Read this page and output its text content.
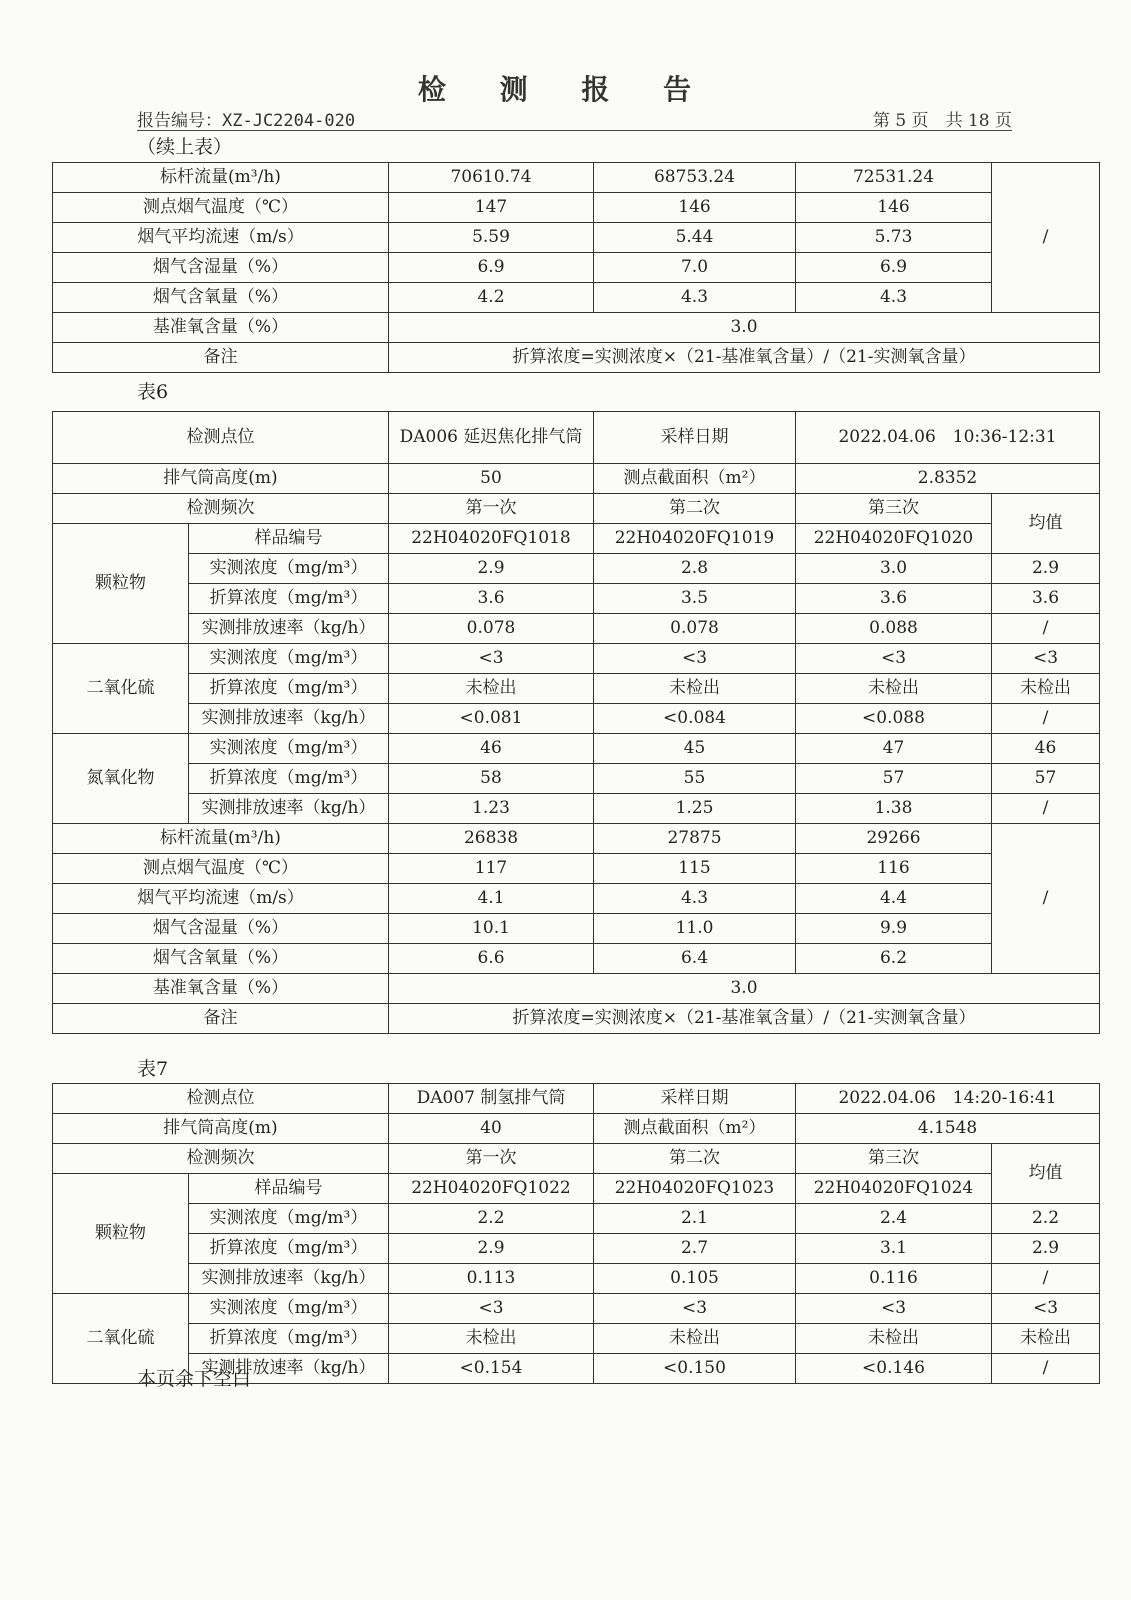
检 测 报 告
报告编号：XZ-JC2204-020	第 5 页　共 18 页
（续上表）
标杆流量(m³/h)	70610.74	68753.24	72531.24	/
测点烟气温度（℃）	147	146	146	
烟气平均流速（m/s）	5.59	5.44	5.73	
烟气含湿量（%）	6.9	7.0	6.9	
烟气含氧量（%）	4.2	4.3	4.3	
基准氧含量（%）	3.0			
备注	折算浓度=实测浓度×（21-基准氧含量）/（21-实测氧含量）			
表6
检测点位		DA006 延迟焦化排气筒	采样日期	2022.04.06　10:36-12:31	
排气筒高度(m)		50	测点截面积（m²）	2.8352	
检测频次		第一次	第二次	第三次	均值
颗粒物	样品编号	22H04020FQ1018	22H04020FQ1019	22H04020FQ1020	
	实测浓度（mg/m³）	2.9	2.8	3.0	2.9
	折算浓度（mg/m³）	3.6	3.5	3.6	3.6
	实测排放速率（kg/h）	0.078	0.078	0.088	/
二氧化硫	实测浓度（mg/m³）	<3	<3	<3	<3
	折算浓度（mg/m³）	未检出	未检出	未检出	未检出
	实测排放速率（kg/h）	<0.081	<0.084	<0.088	/
氮氧化物	实测浓度（mg/m³）	46	45	47	46
	折算浓度（mg/m³）	58	55	57	57
	实测排放速率（kg/h）	1.23	1.25	1.38	/
标杆流量(m³/h)		26838	27875	29266	/
测点烟气温度（℃）		117	115	116	
烟气平均流速（m/s）		4.1	4.3	4.4	
烟气含湿量（%）		10.1	11.0	9.9	
烟气含氧量（%）		6.6	6.4	6.2	
基准氧含量（%）		3.0			
备注		折算浓度=实测浓度×（21-基准氧含量）/（21-实测氧含量）			
表7
检测点位		DA007 制氢排气筒	采样日期	2022.04.06　14:20-16:41	
排气筒高度(m)		40	测点截面积（m²）	4.1548	
检测频次		第一次	第二次	第三次	均值
颗粒物	样品编号	22H04020FQ1022	22H04020FQ1023	22H04020FQ1024	
	实测浓度（mg/m³）	2.2	2.1	2.4	2.2
	折算浓度（mg/m³）	2.9	2.7	3.1	2.9
	实测排放速率（kg/h）	0.113	0.105	0.116	/
二氧化硫	实测浓度（mg/m³）	<3	<3	<3	<3
	折算浓度（mg/m³）	未检出	未检出	未检出	未检出
	实测排放速率（kg/h）	<0.154	<0.150	<0.146	/
本页余下空白
